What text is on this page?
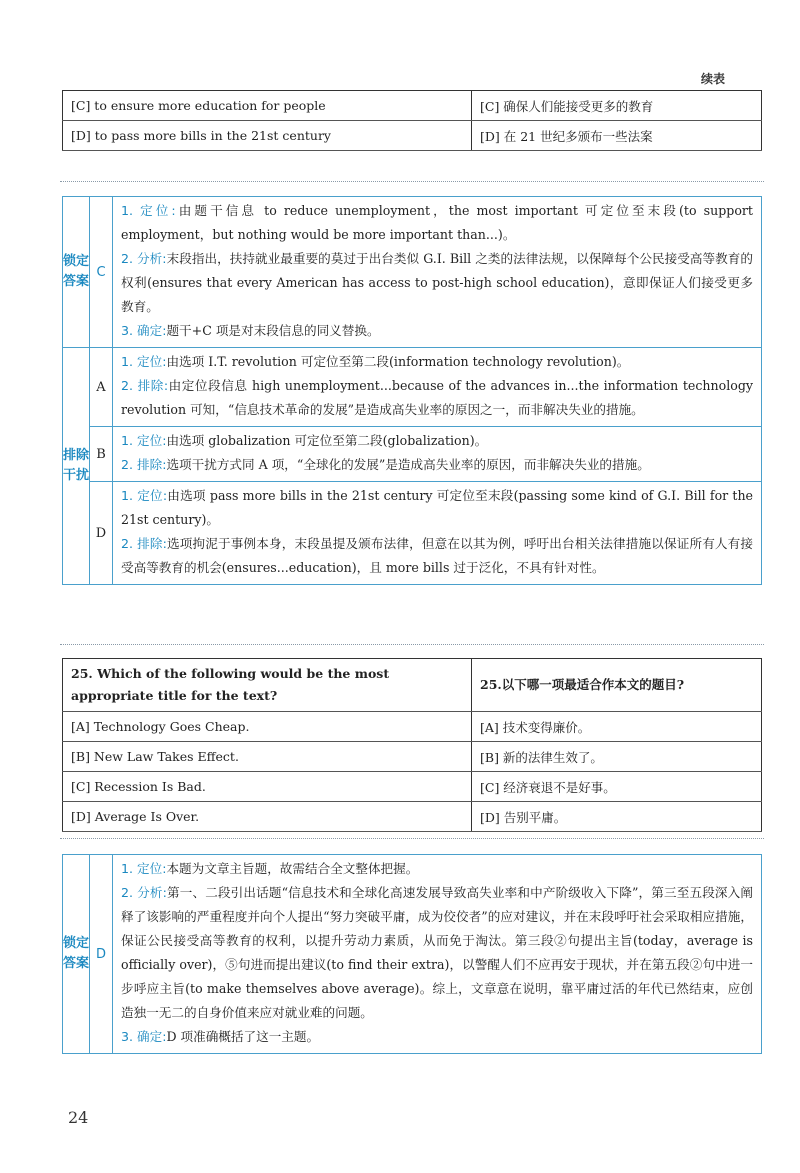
续表
[C] to ensure more education for people	[C] 确保人们能接受更多的教育
[D] to pass more bills in the 21st century	[D] 在 21 世纪多颁布一些法案
锁定答案	C	1. 定位:由题干信息 to reduce unemployment，the most important 可定位至末段(to support employment，but nothing would be more important than...)。

2. 分析:末段指出，扶持就业最重要的莫过于出台类似 G.I. Bill 之类的法律法规，以保障每个公民接受高等教育的权利(ensures that every American has access to post-high school education)，意即保证人们接受更多教育。

3. 确定:题干+C 项是对末段信息的同义替换。

排除干扰	A	1. 定位:由选项 I.T. revolution 可定位至第二段(information technology revolution)。

2. 排除:由定位段信息 high unemployment...because of the advances in...the information technology revolution 可知，“信息技术革命的发展”是造成高失业率的原因之一，而非解决失业的措施。

	B	1. 定位:由选项 globalization 可定位至第二段(globalization)。

2. 排除:选项干扰方式同 A 项，“全球化的发展”是造成高失业率的原因，而非解决失业的措施。

	D	1. 定位:由选项 pass more bills in the 21st century 可定位至末段(passing some kind of G.I. Bill for the 21st century)。

2. 排除:选项拘泥于事例本身，末段虽提及颁布法律，但意在以其为例，呼吁出台相关法律措施以保证所有人有接受高等教育的机会(ensures...education)，且 more bills 过于泛化，不具有针对性。

25. Which of the following would be the most appropriate title for the text?	25.以下哪一项最适合作本文的题目?
[A] Technology Goes Cheap.	[A] 技术变得廉价。
[B] New Law Takes Effect.	[B] 新的法律生效了。
[C] Recession Is Bad.	[C] 经济衰退不是好事。
[D] Average Is Over.	[D] 告别平庸。
锁定答案	D	

1. 定位:本题为文章主旨题，故需结合全文整体把握。

2. 分析:第一、二段引出话题“信息技术和全球化高速发展导致高失业率和中产阶级收入下降”，第三至五段深入阐释了该影响的严重程度并向个人提出“努力突破平庸，成为佼佼者”的应对建议，并在末段呼吁社会采取相应措施，保证公民接受高等教育的权利，以提升劳动力素质，从而免于淘汰。第三段②句提出主旨(today，average is officially over)，⑤句进而提出建议(to find their extra)，以警醒人们不应再安于现状，并在第五段②句中进一步呼应主旨(to make themselves above average)。综上，文章意在说明，靠平庸过活的年代已然结束，应创造独一无二的自身价值来应对就业难的问题。

3. 确定:D 项准确概括了这一主题。

24
